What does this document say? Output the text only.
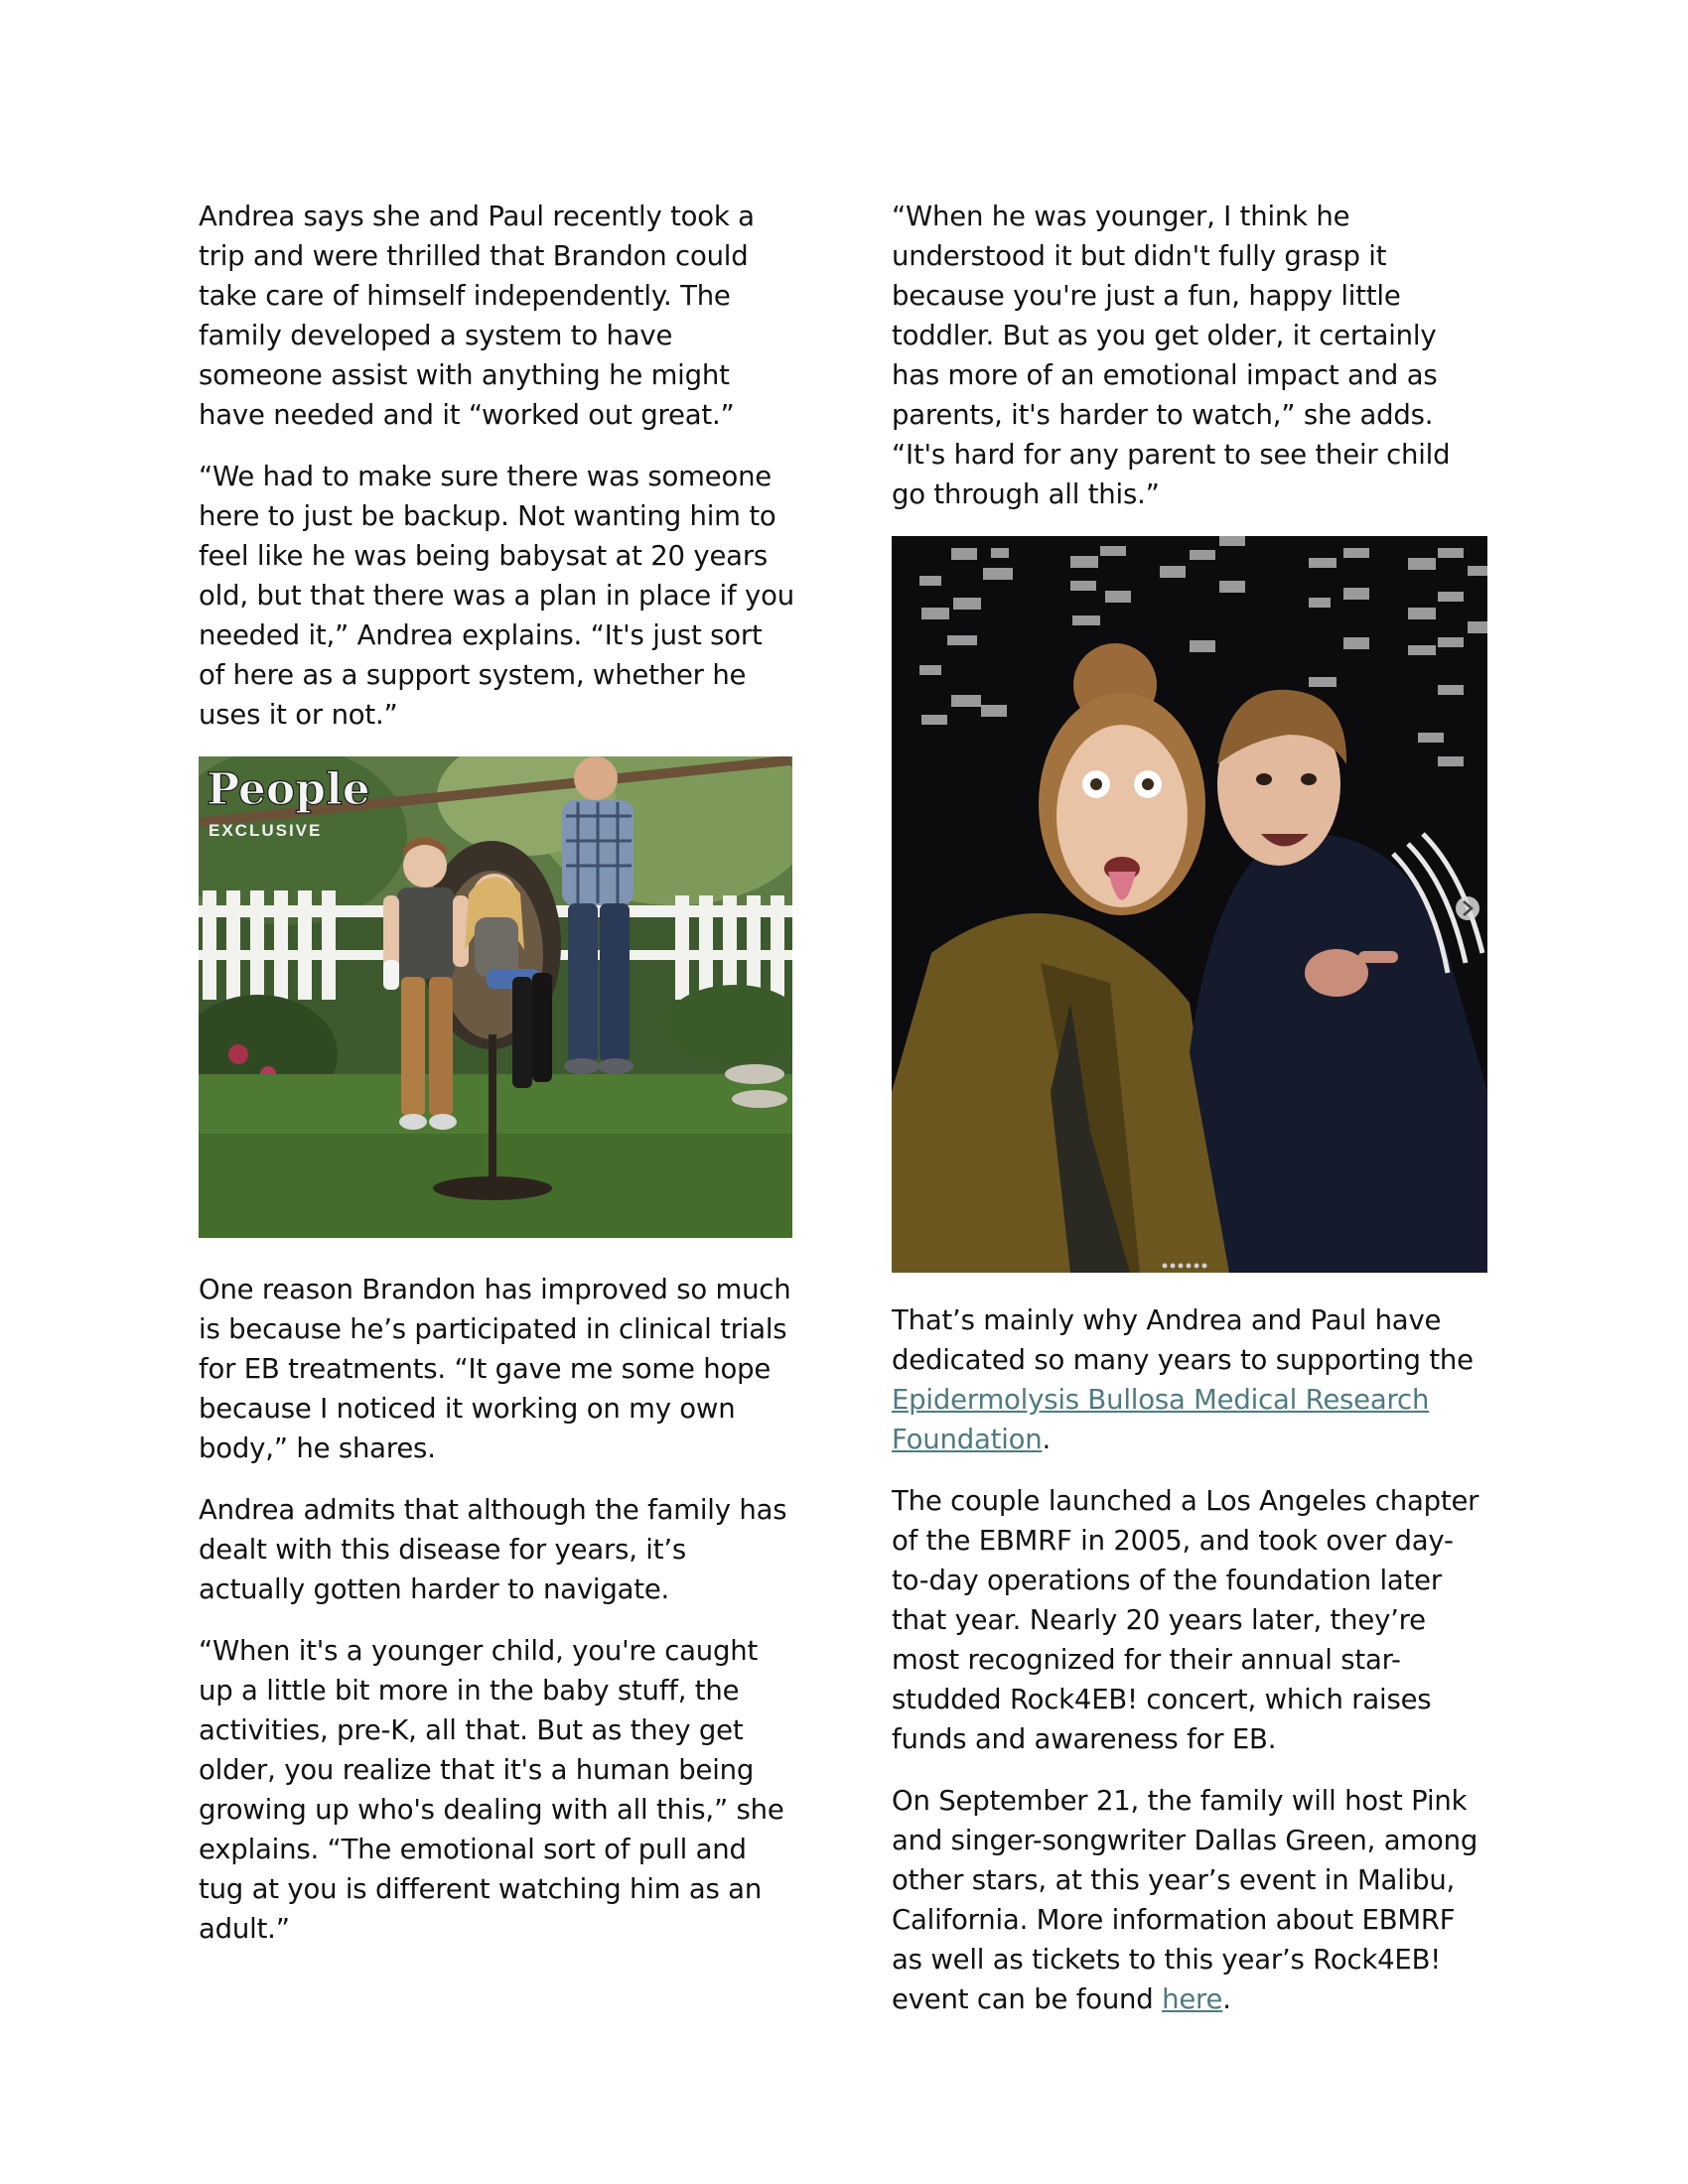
Andrea says she and Paul recently took a trip and were thrilled that Brandon could take care of himself independently. The family developed a system to have someone assist with anything he might have needed and it “worked out great.”

“We had to make sure there was someone here to just be backup. Not wanting him to feel like he was being babysat at 20 years old, but that there was a plan in place if you needed it,” Andrea explains. “It's just sort of here as a support system, whether he uses it or not.”

People
EXCLUSIVE

One reason Brandon has improved so much is because he’s participated in clinical trials for EB treatments. “It gave me some hope because I noticed it working on my own body,” he shares.

Andrea admits that although the family has dealt with this disease for years, it’s actually gotten harder to navigate.

“When it's a younger child, you're caught up a little bit more in the baby stuff, the activities, pre-K, all that. But as they get older, you realize that it's a human being growing up who's dealing with all this,” she explains. “The emotional sort of pull and tug at you is different watching him as an adult.”

“When he was younger, I think he understood it but didn't fully grasp it because you're just a fun, happy little toddler. But as you get older, it certainly has more of an emotional impact and as parents, it's harder to watch,” she adds. “It's hard for any parent to see their child go through all this.”

That’s mainly why Andrea and Paul have dedicated so many years to supporting the Epidermolysis Bullosa Medical Research Foundation.

The couple launched a Los Angeles chapter of the EBMRF in 2005, and took over day-to-day operations of the foundation later that year. Nearly 20 years later, they’re most recognized for their annual star-studded Rock4EB! concert, which raises funds and awareness for EB.

On September 21, the family will host Pink and singer-songwriter Dallas Green, among other stars, at this year’s event in Malibu, California. More information about EBMRF as well as tickets to this year’s Rock4EB! event can be found here.
